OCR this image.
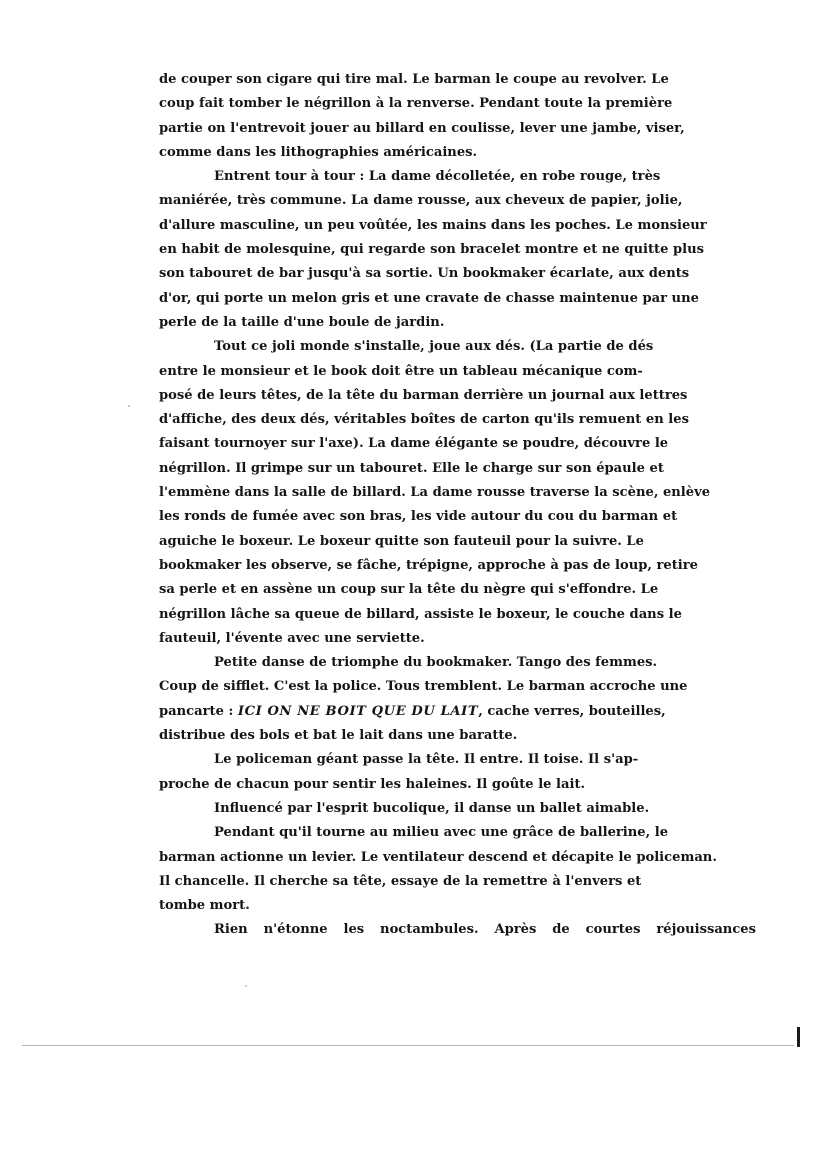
de couper son cigare qui tire mal. Le barman le coupe au revolver. Le
coup fait tomber le négrillon à la renverse. Pendant toute la première
partie on l'entrevoit jouer au billard en coulisse, lever une jambe, viser,
comme dans les lithographies américaines.

Entrent tour à tour : La dame décolletée, en robe rouge, très
maniérée, très commune. La dame rousse, aux cheveux de papier, jolie,
d'allure masculine, un peu voûtée, les mains dans les poches. Le monsieur
en habit de molesquine, qui regarde son bracelet montre et ne quitte plus
son tabouret de bar jusqu'à sa sortie. Un bookmaker écarlate, aux dents
d'or, qui porte un melon gris et une cravate de chasse maintenue par une
perle de la taille d'une boule de jardin.

Tout ce joli monde s'installe, joue aux dés. (La partie de dés
entre le monsieur et le book doit être un tableau mécanique com-
posé de leurs têtes, de la tête du barman derrière un journal aux lettres
d'affiche, des deux dés, véritables boîtes de carton qu'ils remuent en les
faisant tournoyer sur l'axe). La dame élégante se poudre, découvre le
négrillon. Il grimpe sur un tabouret. Elle le charge sur son épaule et
l'emmène dans la salle de billard. La dame rousse traverse la scène, enlève
les ronds de fumée avec son bras, les vide autour du cou du barman et
aguiche le boxeur. Le boxeur quitte son fauteuil pour la suivre. Le
bookmaker les observe, se fâche, trépigne, approche à pas de loup, retire
sa perle et en assène un coup sur la tête du nègre qui s'effondre. Le
négrillon lâche sa queue de billard, assiste le boxeur, le couche dans le
fauteuil, l'évente avec une serviette.

Petite danse de triomphe du bookmaker. Tango des femmes.
Coup de sifflet. C'est la police. Tous tremblent. Le barman accroche une
pancarte : ICI ON NE BOIT QUE DU LAIT, cache verres, bouteilles,
distribue des bols et bat le lait dans une baratte.

Le policeman géant passe la tête. Il entre. Il toise. Il s'ap-
proche de chacun pour sentir les haleines. Il goûte le lait.

Influencé par l'esprit bucolique, il danse un ballet aimable.

Pendant qu'il tourne au milieu avec une grâce de ballerine, le
barman actionne un levier. Le ventilateur descend et décapite le policeman.
Il chancelle. Il cherche sa tête, essaye de la remettre à l'envers et
tombe mort.

Rien n'étonne les noctambules. Après de courtes réjouissances
